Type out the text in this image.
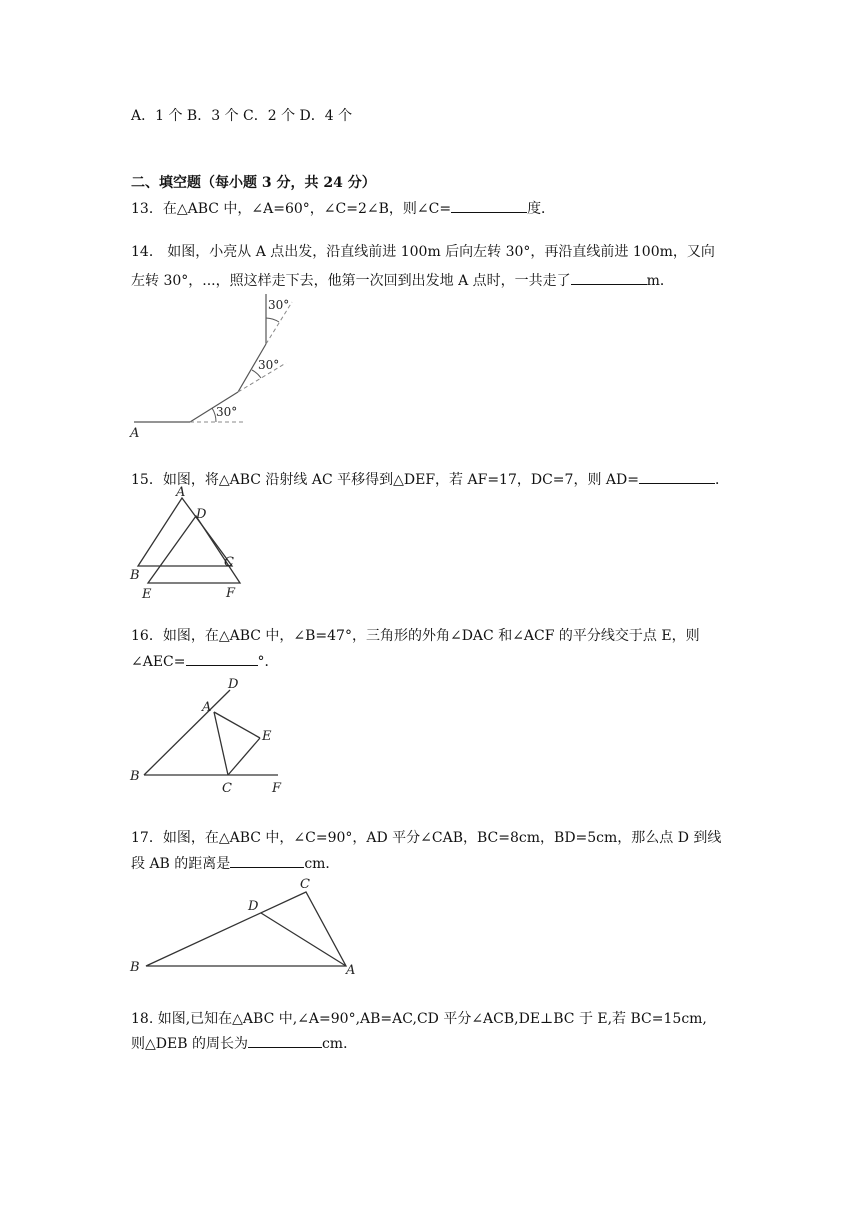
A．1 个 B．3 个 C．2 个 D．4 个
二、填空题（每小题 3 分，共 24 分）
13．在△ABC 中，∠A=60°，∠C=2∠B，则∠C=	度．
14． 如图，小亮从 A 点出发，沿直线前进 100m 后向左转 30°，再沿直线前进 100m，又向
左转 30°，...，照这样走下去，他第一次回到出发地 A 点时，一共走了	m．
30°
30°
30°
A
15．如图，将△ABC 沿射线 AC 平移得到△DEF，若 AF=17，DC=7，则 AD=	．
A
D
B
C
E	F
16．如图，在△ABC 中，∠B=47°，三角形的外角∠DAC 和∠ACF 的平分线交于点 E，则
∠AEC=	°．
D
A
E
B
C	F
17．如图，在△ABC 中，∠C=90°，AD 平分∠CAB，BC=8cm，BD=5cm，那么点 D 到线
段 AB 的距离是	cm．
C
D
B	A
18. 如图,已知在△ABC 中,∠A=90°,AB=AC,CD 平分∠ACB,DE⊥BC 于 E,若 BC=15cm,
则△DEB 的周长为	cm．
